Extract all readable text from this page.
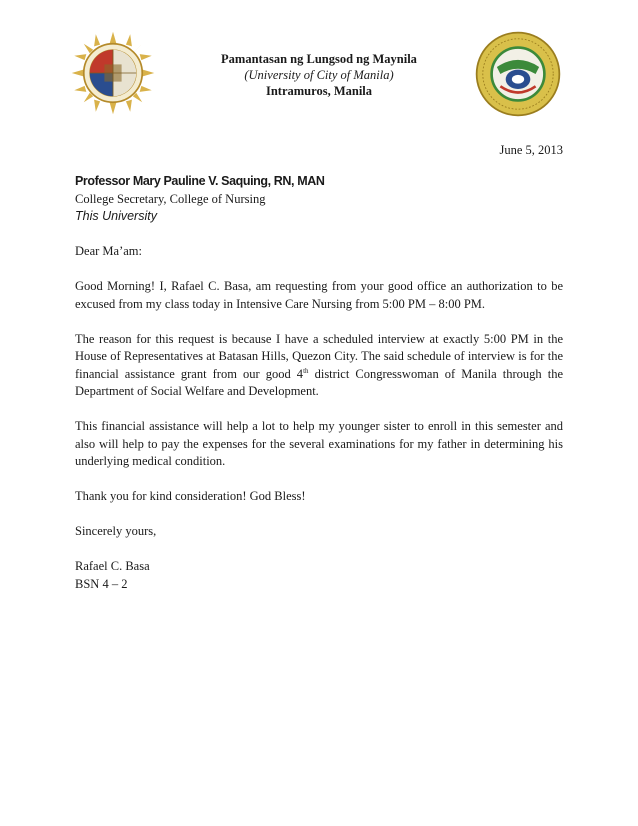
Pamantasan ng Lungsod ng Maynila
(University of City of Manila)
Intramuros, Manila
June 5, 2013

Professor Mary Pauline V. Saquing, RN, MAN

College Secretary, College of Nursing

This University

Dear Ma’am:

Good Morning! I, Rafael C. Basa, am requesting from your good office an authorization to be excused from my class today in Intensive Care Nursing from 5:00 PM – 8:00 PM.

The reason for this request is because I have a scheduled interview at exactly 5:00 PM in the House of Representatives at Batasan Hills, Quezon City. The said schedule of interview is for the financial assistance grant from our good 4th district Congresswoman of Manila through the Department of Social Welfare and Development.

This financial assistance will help a lot to help my younger sister to enroll in this semester and also will help to pay the expenses for the several examinations for my father in determining his underlying medical condition.

Thank you for kind consideration! God Bless!

Sincerely yours,

Rafael C. Basa

BSN 4 – 2
